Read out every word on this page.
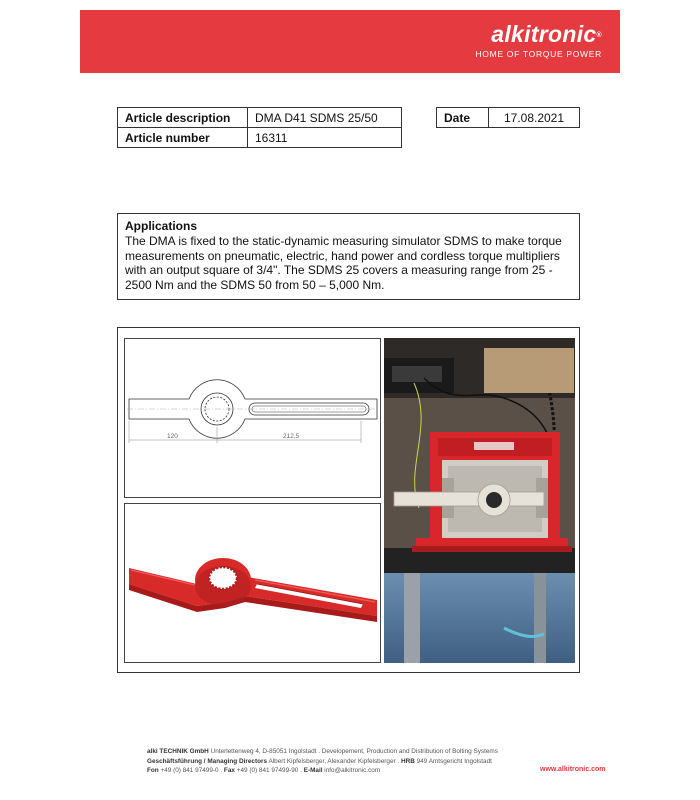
alkitronic®
HOME OF TORQUE POWER
Article description	DMA D41 SDMS 25/50
Article number	16311
Date	17.08.2021
Applications
The DMA is fixed to the static-dynamic measuring simulator SDMS to make torque measurements on pneumatic, electric, hand power and cordless torque multipliers with an output square of 3/4". The SDMS 25 covers a measuring range from 25 - 2500 Nm and the SDMS 50 from 50 – 5,000 Nm.
120	212,5
alki TECHNIK GmbH Unterlettenweg 4, D-85051 Ingolstadt . Developement, Production and Distribution of Bolting Systems
Geschäftsführung / Managing Directors Albert Kipfelsberger, Alexander Kipfelsberger . HRB 949 Amtsgericht Ingolstadt
Fon +49 (0) 841 97499-0 . Fax +49 (0) 841 97499-90 . E-Mail info@alkitronic.com	www.alkitronic.com
